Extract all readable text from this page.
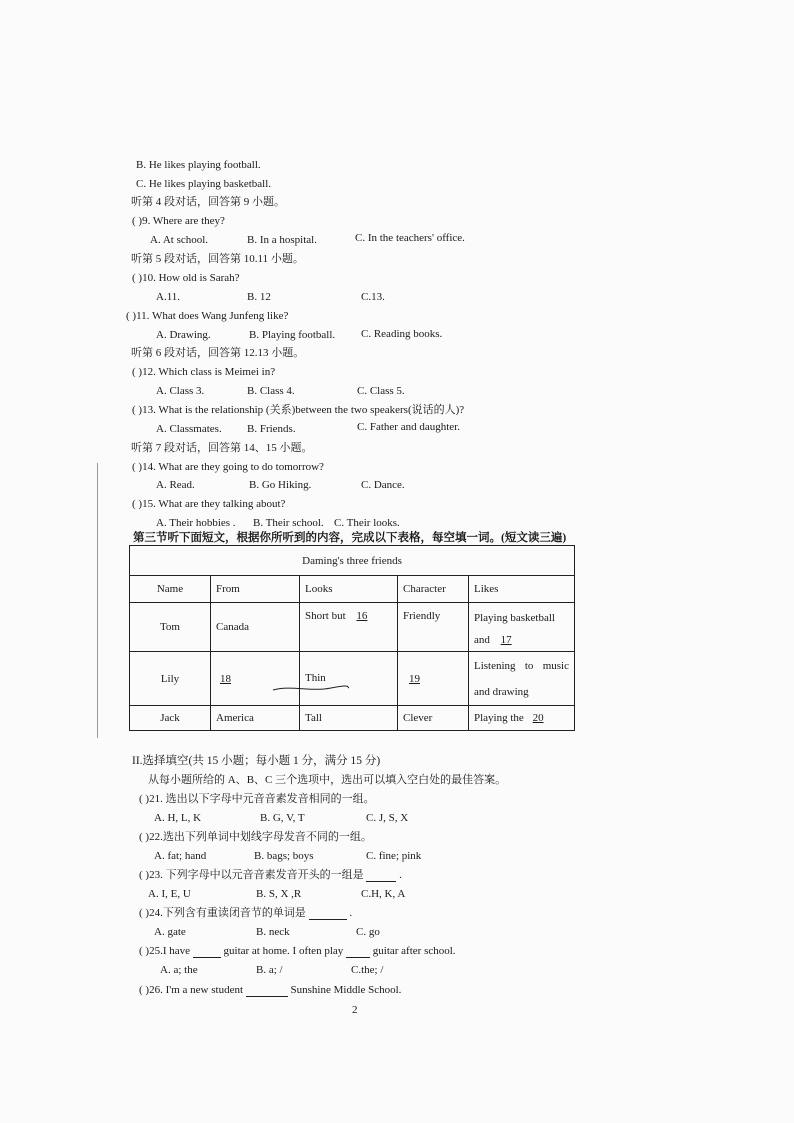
B. He likes playing football.
C. He likes playing basketball.
听第 4 段对话，回答第 9 小题。
( )9. Where are they?
A. At school.	B. In a hospital.	C. In the teachers' office.
听第 5 段对话，回答第 10.11 小题。
( )10. How old is Sarah?
A.11.	B. 12	C.13.
( )11. What does Wang Junfeng like?
A. Drawing.	B. Playing football. C. Reading books.
听第 6 段对话，回答第 12.13 小题。
( )12. Which class is Meimei in?
A. Class 3.	B. Class 4.	C. Class 5.
( )13. What is the relationship (关系)between the two speakers(说话的人)?
A. Classmates. B. Friends.	C. Father and daughter.
听第 7 段对话，回答第 14、15 小题。
( )14. What are they going to do tomorrow?
A. Read.	B. Go Hiking.	C. Dance.
( )15. What are they talking about?
A. Their hobbies . B. Their school. C. Their looks.
第三节听下面短文，根据你所听到的内容，完成以下表格，每空填一词。(短文读三遍)
Daming's three friends				
Name	From	Looks	Character	Likes
Tom	Canada	Short but 16	Friendly	Playing basketball and 17
Lily	18	Thin	19	Listening to music and drawing
Jack	America	Tall	Clever	Playing the 20
II.选择填空(共 15 小题；每小题 1 分，满分 15 分)
从每小题所给的 A、B、C 三个选项中，选出可以填入空白处的最佳答案。
( )21. 选出以下字母中元音音素发音相同的一组。
A. H, L, K	B. G, V, T	C. J, S, X
( )22.选出下列单词中划线字母发音不同的一组。
A. fat; hand	B. bags; boys	C. fine; pink
( )23. 下列字母中以元音音素发音开头的一组是	.
A. I, E, U	B. S, X ,R	C.H, K, A
( )24.下列含有重读闭音节的单词是	.
A. gate	B. neck	C. go
( )25.I have	guitar at home. I often play	guitar after school.
A. a; the	B. a; /	C.the; /
( )26. I'm a new student	Sunshine Middle School.
2
